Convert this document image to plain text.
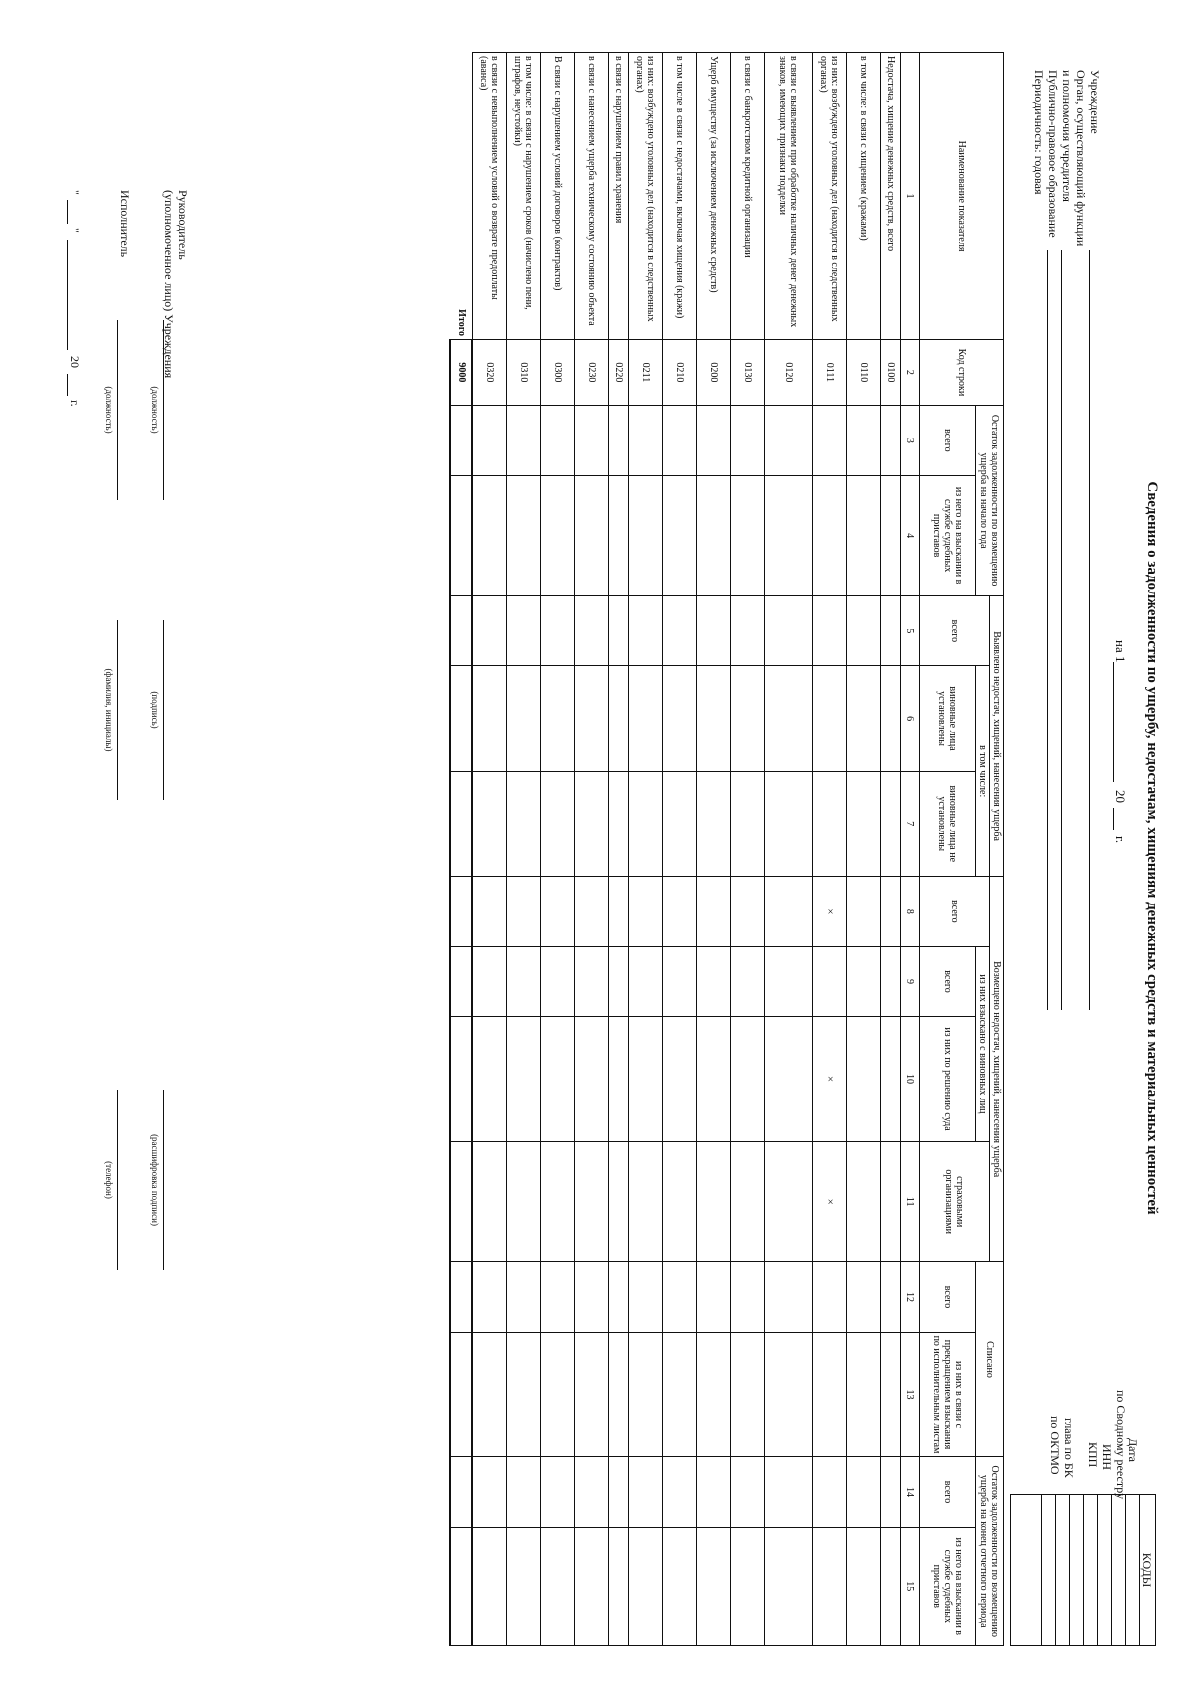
Сведения о задолженности по ущербу, недостачам, хищениям денежных средств и материальных ценностей
на 1
20
г.
Учреждение
Орган, осуществляющий функции
и полномочия учредителя
Публично-правовое образование
Периодичность: годовая
Дата
по Сводному реестру
ИНН
КПП
глава по БК
по ОКТМО
КОДЫ
Наименование показателя	Код строки	Остаток задолженности по возмещению ущерба на начало года		Выявлено недостач, хищений, нанесения ущерба			Возмещено недостач, хищений, нанесения ущерба				Списано		Остаток задолженности по возмещению ущерба на конец отчетного периода	
				всего	в том числе:		всего	из них взыскано с виновных лиц		страховыми организациями				
		всего	из него на взыскании в службе судебных приставов		виновные лица установлены	виновные лица не установлены		всего	из них по решению суда		всего	из них в связи с прекращением взыскания по исполнительным листам	всего	из него на взыскании в службе судебных приставов
1	2	3	4	5	6	7	8	9	10	11	12	13	14	15
Недостача, хищение денежных средств, всего	0100													
в том числе: в связи с хищением (кражами)	0110													
из них: возбуждено уголовных дел (находится в следственных органах)	0111						×		×	×				
в связи с выявлением при обработке наличных денег денежных знаков, имеющих признаки подделки	0120													
в связи с банкротством кредитной организации	0130													
Ущерб имуществу (за исключением денежных средств)	0200													
в том числе в связи с недостачами, включая хищения (кражи)	0210													
из них: возбуждено уголовных дел (находится в следственных органах)	0211													
в связи с нарушением правил хранения	0220													
в связи с нанесением ущерба техническому состоянию объекта	0230													
В связи с нарушением условий договоров (контрактов)	0300													
в том числе: в связи с нарушением сроков (начислено пени, штрафов, неустойки)	0310													
в связи с невыполнением условий о возврате предоплаты (аванса)	0320													
Итого	9000													
Руководитель
(уполномоченное лицо) Учреждения
(должность)
(подпись)
(расшифровка подписи)
Исполнитель
(должность)
(фамилия, инициалы)
(телефон)
"
"
20
г.
